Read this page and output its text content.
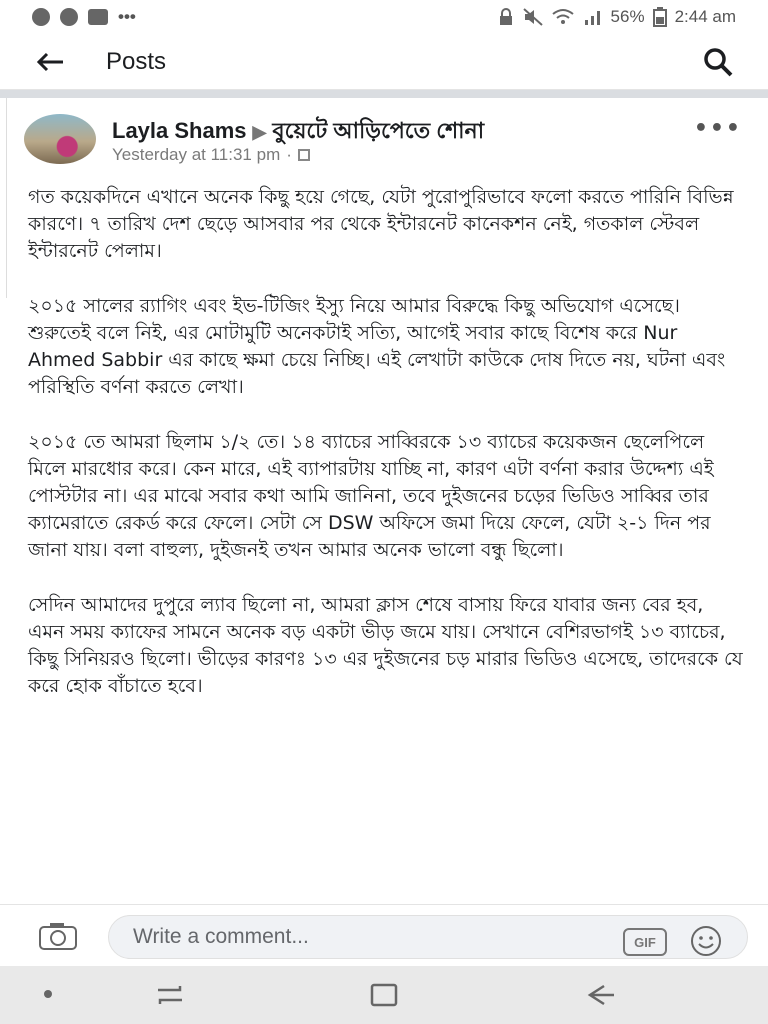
•••	56% 2:44 am
Posts
Layla Shams ▶ বুয়েটে আড়িপেতে শোনা
Yesterday at 11:31 pm ·
•••

গত কয়েকদিনে এখানে অনেক কিছু হয়ে গেছে, যেটা পুরোপুরিভাবে ফলো করতে পারিনি বিভিন্ন কারণে। ৭ তারিখ দেশ ছেড়ে আসবার পর থেকে ইন্টারনেট কানেকশন নেই, গতকাল স্টেবল ইন্টারনেট পেলাম।

২০১৫ সালের র‍্যাগিং এবং ইভ-টিজিং ইস্যু নিয়ে আমার বিরুদ্ধে কিছু অভিযোগ এসেছে। শুরুতেই বলে নিই, এর মোটামুটি অনেকটাই সত্যি, আগেই সবার কাছে বিশেষ করে Nur Ahmed Sabbir এর কাছে ক্ষমা চেয়ে নিচ্ছি। এই লেখাটা কাউকে দোষ দিতে নয়, ঘটনা এবং পরিস্থিতি বর্ণনা করতে লেখা।

২০১৫ তে আমরা ছিলাম ১/২ তে। ১৪ ব্যাচের সাব্বিরকে ১৩ ব্যাচের কয়েকজন ছেলেপিলে মিলে মারধোর করে। কেন মারে, এই ব্যাপারটায় যাচ্ছি না, কারণ এটা বর্ণনা করার উদ্দেশ্য এই পোস্টটার না। এর মাঝে সবার কথা আমি জানিনা, তবে দুইজনের চড়ের ভিডিও সাব্বির তার ক্যামেরাতে রেকর্ড করে ফেলে। সেটা সে DSW অফিসে জমা দিয়ে ফেলে, যেটা ২-১ দিন পর জানা যায়। বলা বাহুল্য, দুইজনই তখন আমার অনেক ভালো বন্ধু ছিলো।

সেদিন আমাদের দুপুরে ল্যাব ছিলো না, আমরা ক্লাস শেষে বাসায় ফিরে যাবার জন্য বের হব, এমন সময় ক্যাফের সামনে অনেক বড় একটা ভীড় জমে যায়। সেখানে বেশিরভাগই ১৩ ব্যাচের, কিছু সিনিয়রও ছিলো। ভীড়ের কারণঃ ১৩ এর দুইজনের চড় মারার ভিডিও এসেছে, তাদেরকে যে করে হোক বাঁচাতে হবে।

Write a comment...	GIF
